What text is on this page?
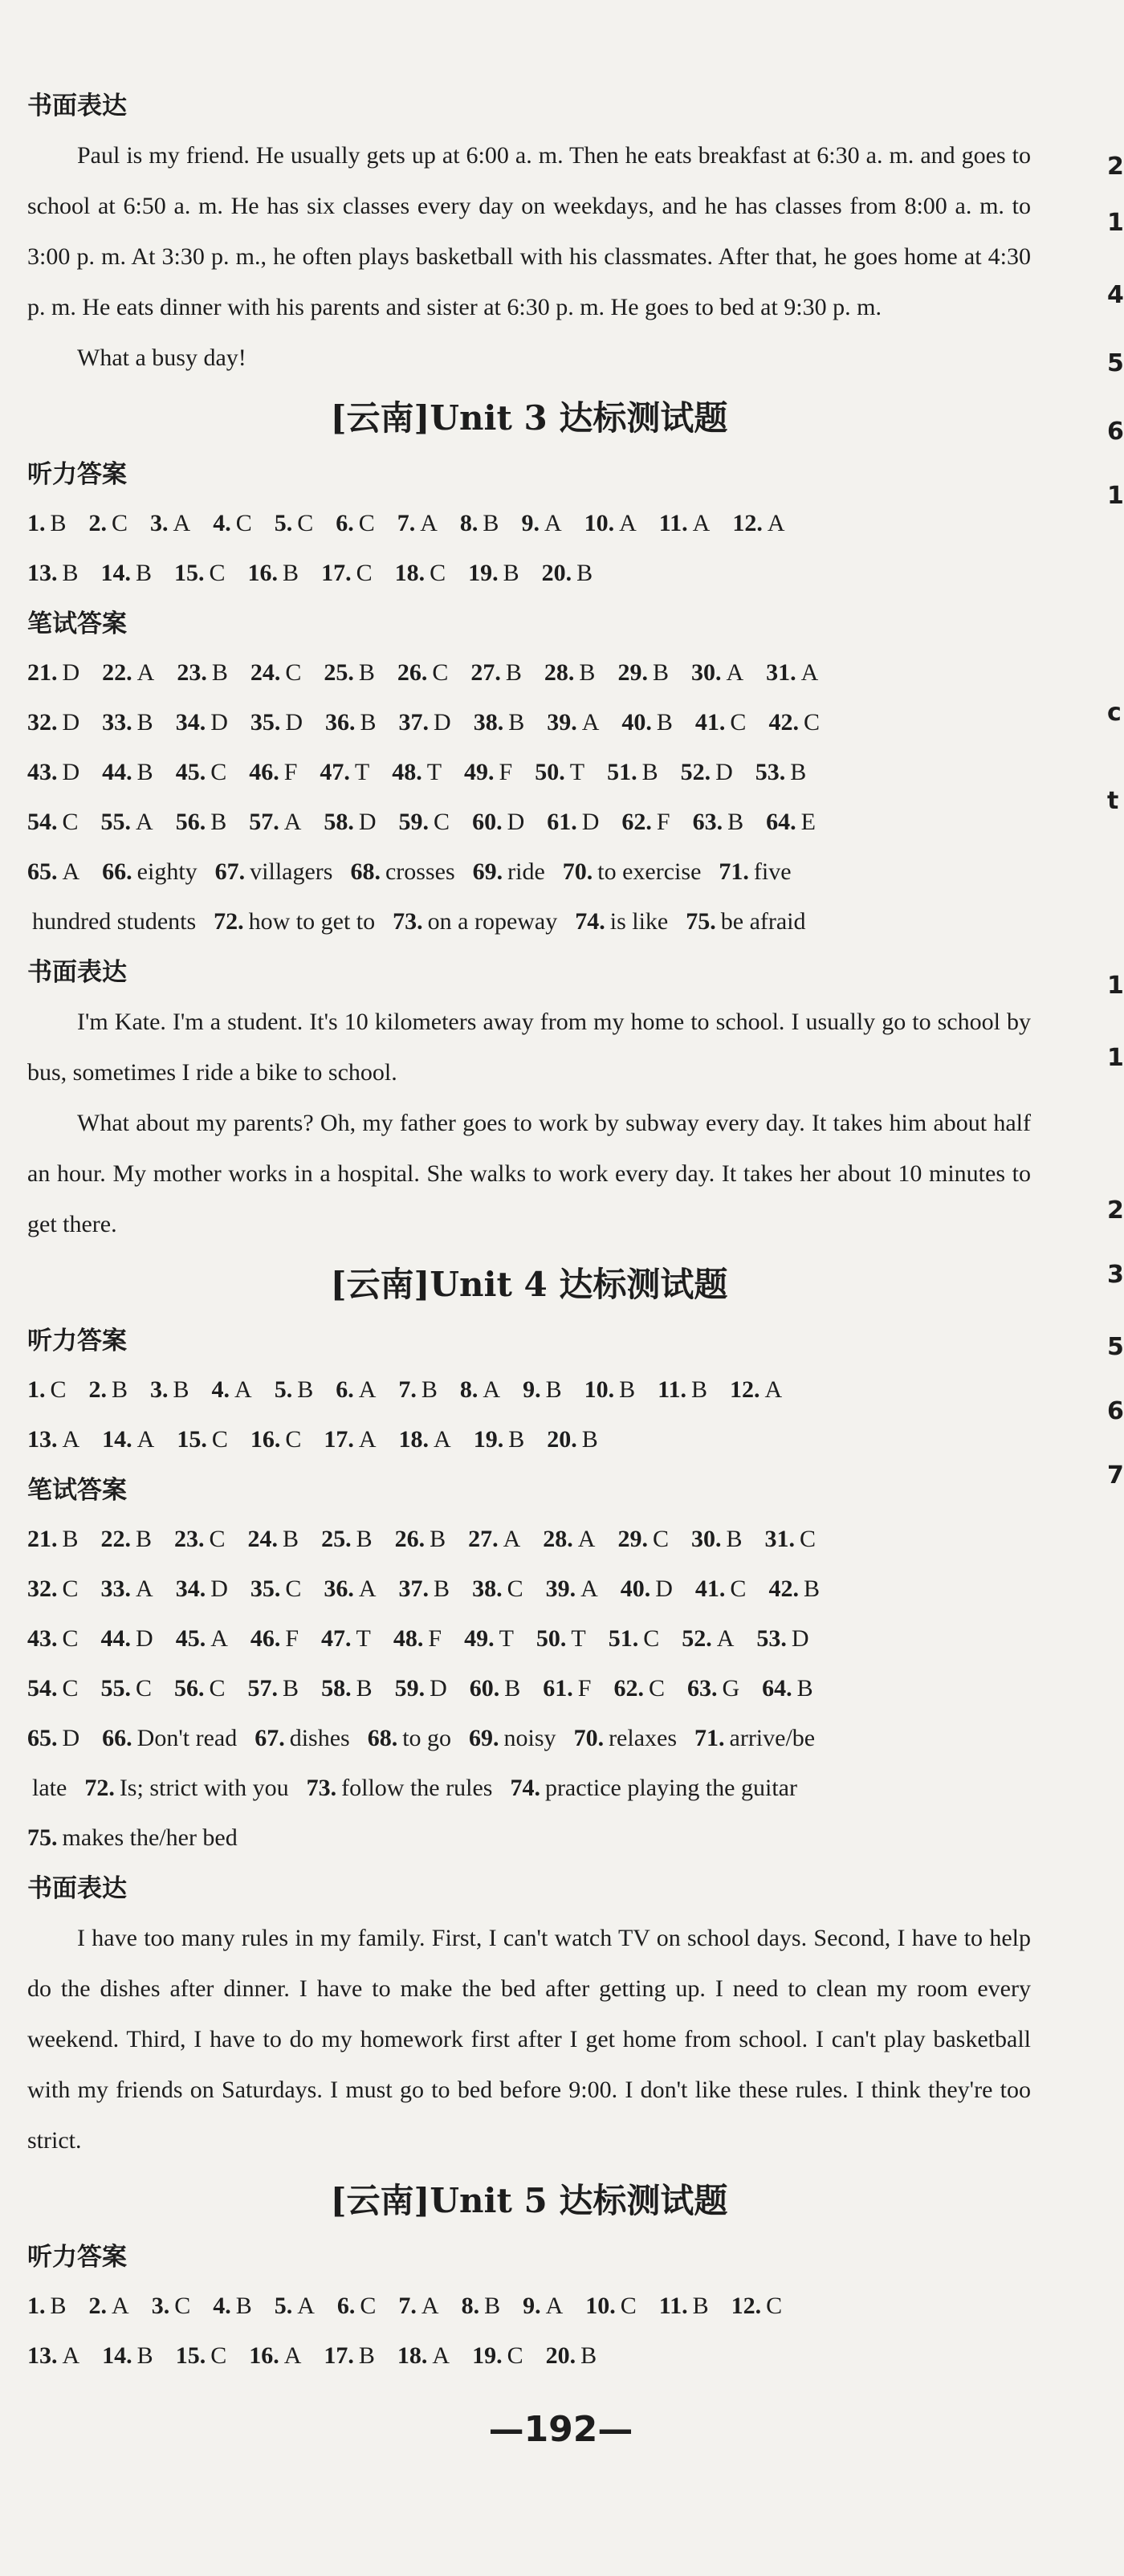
书面表达

Paul is my friend. He usually gets up at 6:00 a. m. Then he eats breakfast at 6:30 a. m. and goes to school at 6:50 a. m. He has six classes every day on weekdays, and he has classes from 8:00 a. m. to 3:00 p. m. At 3:30 p. m., he often plays basketball with his classmates. After that, he goes home at 4:30 p. m. He eats dinner with his parents and sister at 6:30 p. m. He goes to bed at 9:30 p. m.

What a busy day!

[云南]Unit 3 达标测试题
听力答案
1. B 2. C 3. A 4. C 5. C 6. C 7. A 8. B 9. A 10. A 11. A 12. A
13. B 14. B 15. C 16. B 17. C 18. C 19. B 20. B
笔试答案
21. D 22. A 23. B 24. C 25. B 26. C 27. B 28. B 29. B 30. A 31. A
32. D 33. B 34. D 35. D 36. B 37. D 38. B 39. A 40. B 41. C 42. C
43. D 44. B 45. C 46. F 47. T 48. T 49. F 50. T 51. B 52. D 53. B
54. C 55. A 56. B 57. A 58. D 59. C 60. D 61. D 62. F 63. B 64. E
65. A 66. eighty 67. villagers 68. crosses 69. ride 70. to exercise 71. five
hundred students 72. how to get to 73. on a ropeway 74. is like 75. be afraid
书面表达

I'm Kate. I'm a student. It's 10 kilometers away from my home to school. I usually go to school by bus, sometimes I ride a bike to school.

What about my parents? Oh, my father goes to work by subway every day. It takes him about half an hour. My mother works in a hospital. She walks to work every day. It takes her about 10 minutes to get there.

[云南]Unit 4 达标测试题
听力答案
1. C 2. B 3. B 4. A 5. B 6. A 7. B 8. A 9. B 10. B 11. B 12. A
13. A 14. A 15. C 16. C 17. A 18. A 19. B 20. B
笔试答案
21. B 22. B 23. C 24. B 25. B 26. B 27. A 28. A 29. C 30. B 31. C
32. C 33. A 34. D 35. C 36. A 37. B 38. C 39. A 40. D 41. C 42. B
43. C 44. D 45. A 46. F 47. T 48. F 49. T 50. T 51. C 52. A 53. D
54. C 55. C 56. C 57. B 58. B 59. D 60. B 61. F 62. C 63. G 64. B
65. D 66. Don't read 67. dishes 68. to go 69. noisy 70. relaxes 71. arrive/be
late 72. Is; strict with you 73. follow the rules 74. practice playing the guitar
75. makes the/her bed
书面表达

I have too many rules in my family. First, I can't watch TV on school days. Second, I have to help do the dishes after dinner. I have to make the bed after getting up. I need to clean my room every weekend. Third, I have to do my homework first after I get home from school. I can't play basketball with my friends on Saturdays. I must go to bed before 9:00. I don't like these rules. I think they're too strict.

[云南]Unit 5 达标测试题
听力答案
1. B 2. A 3. C 4. B 5. A 6. C 7. A 8. B 9. A 10. C 11. B 12. C
13. A 14. B 15. C 16. A 17. B 18. A 19. C 20. B
2
1
4
5
6
1
c
t
1
1
2
3
5
6
7
—192—
